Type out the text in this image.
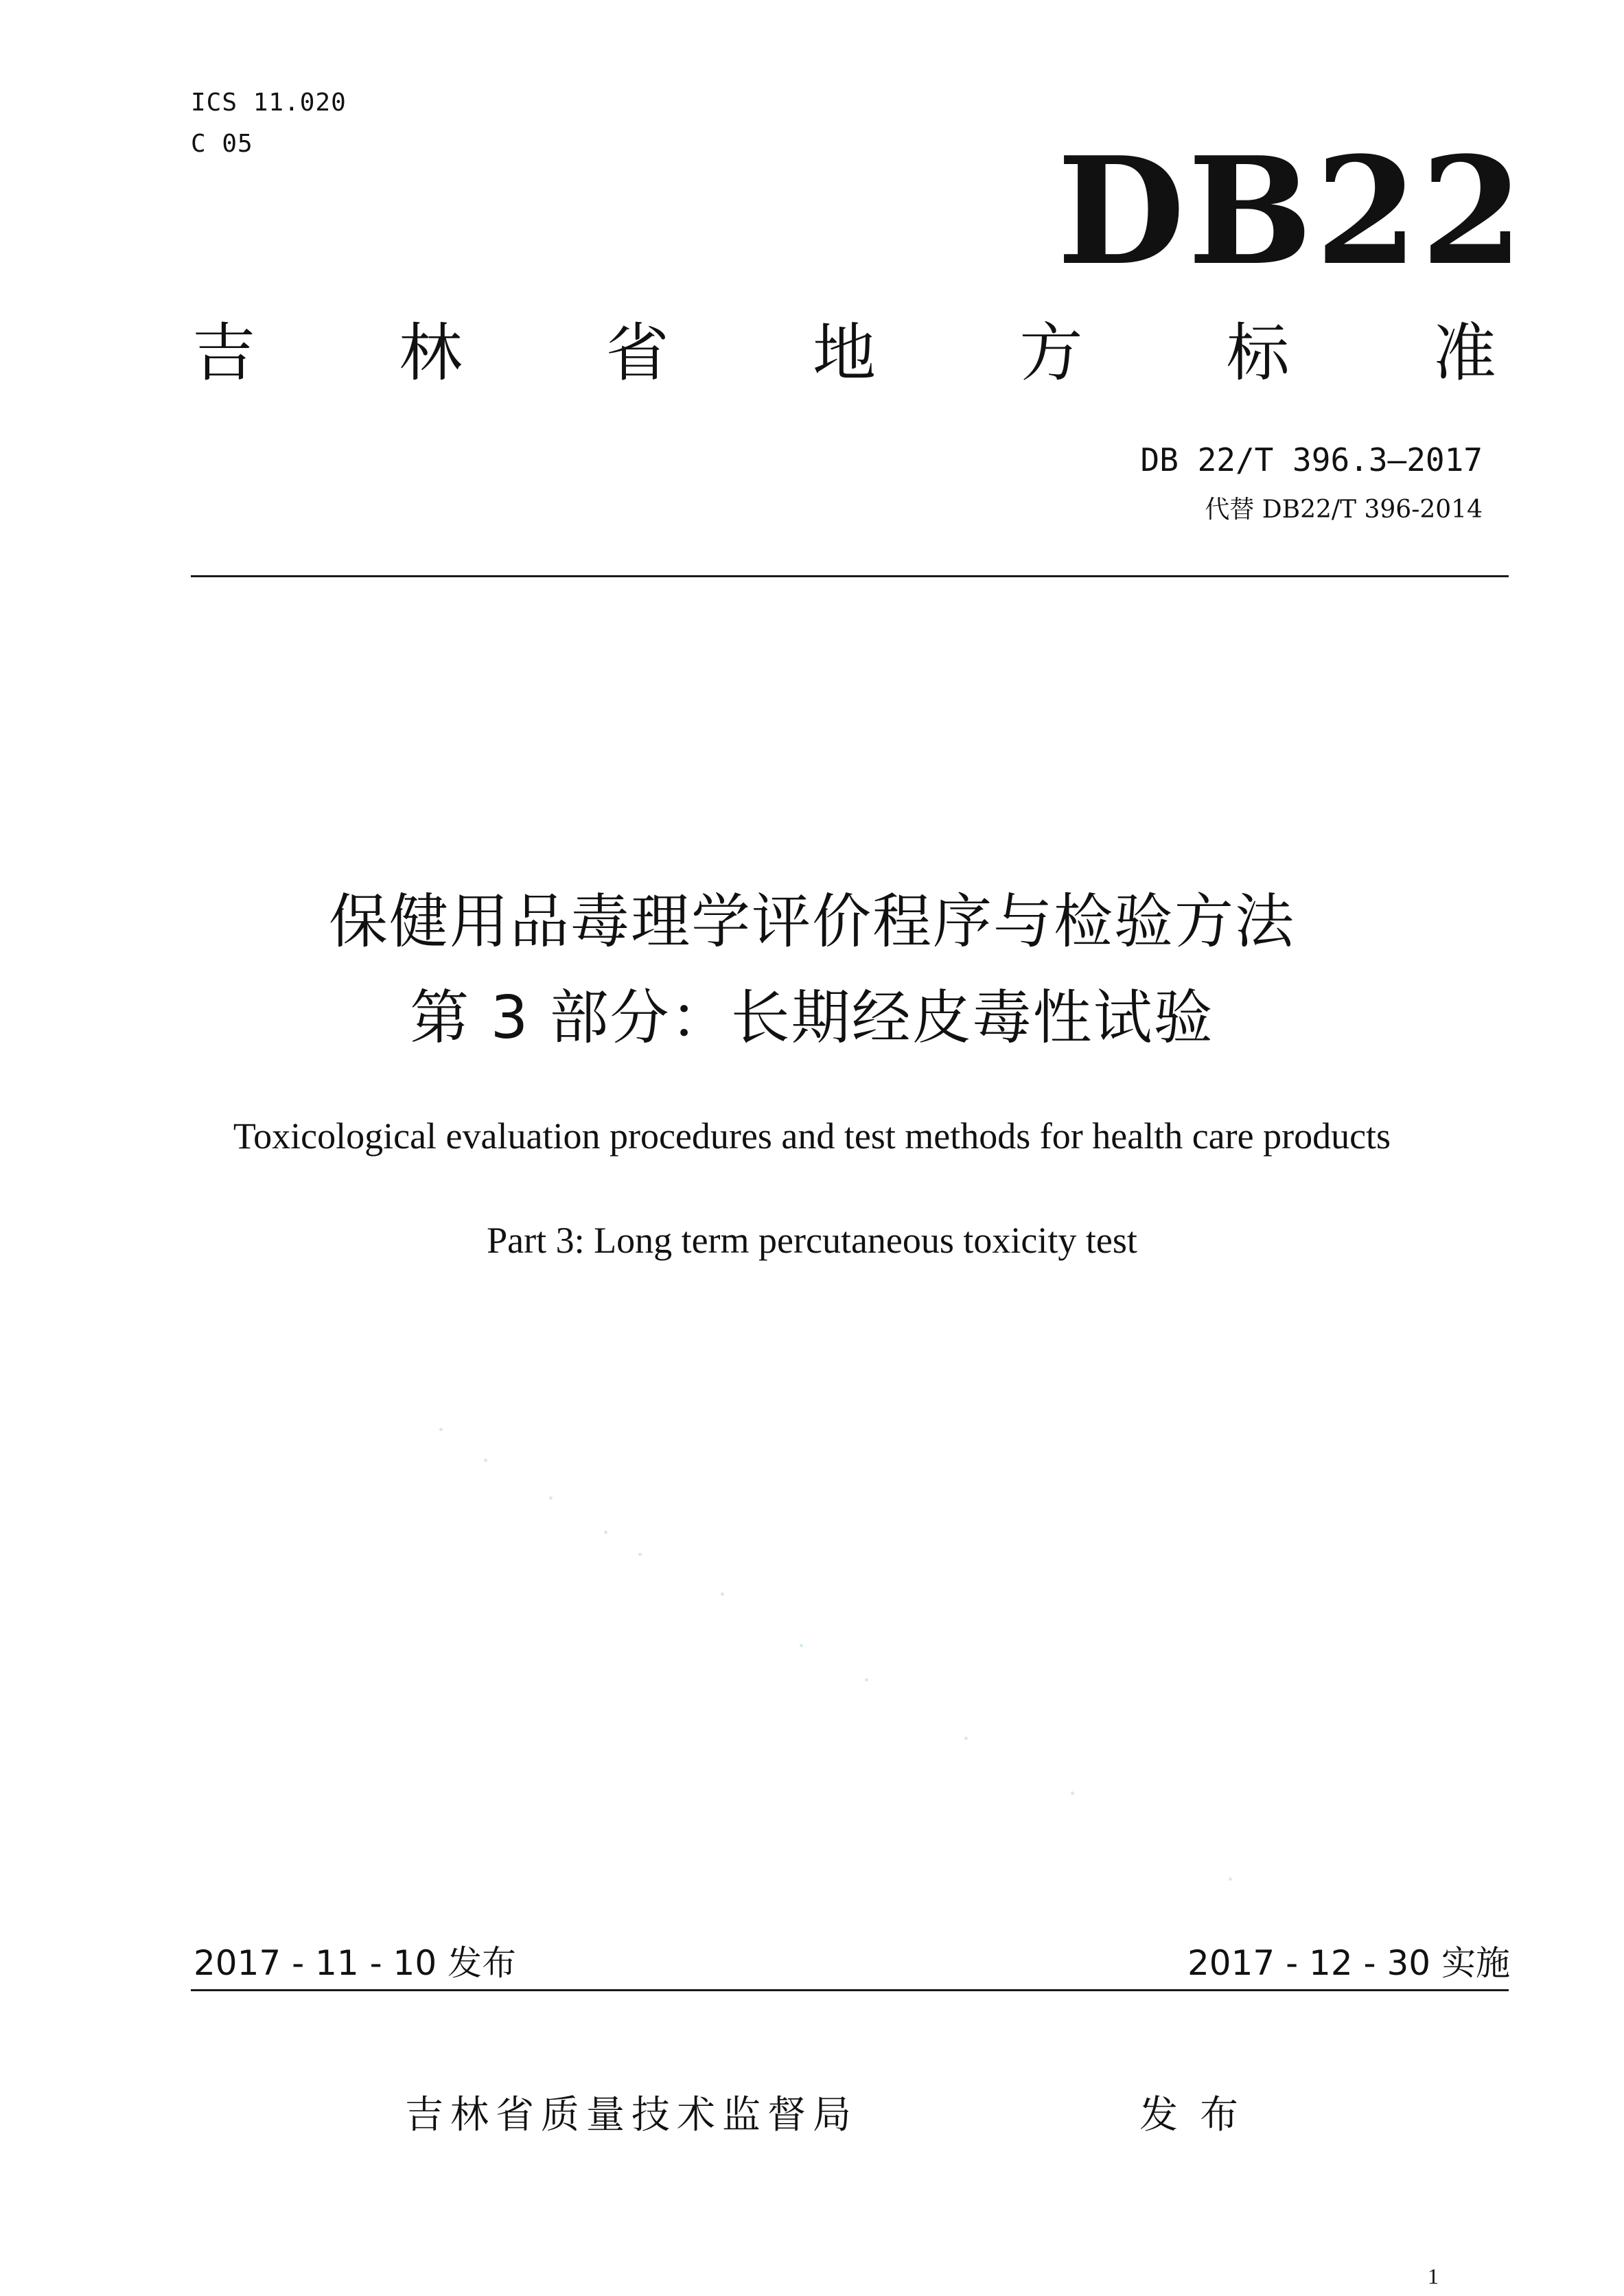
ICS 11.020
C 05	DB22
吉 林 省 地 方 标 准
DB 22/T 396.3—2017
代替 DB22/T 396-2014
保健用品毒理学评价程序与检验方法
第 3 部分：长期经皮毒性试验
Toxicological evaluation procedures and test methods for health care products
Part 3: Long term percutaneous toxicity test
2017 - 11 - 10 发布	2017 - 12 - 30 实施
吉林省质量技术监督局	发布
1
